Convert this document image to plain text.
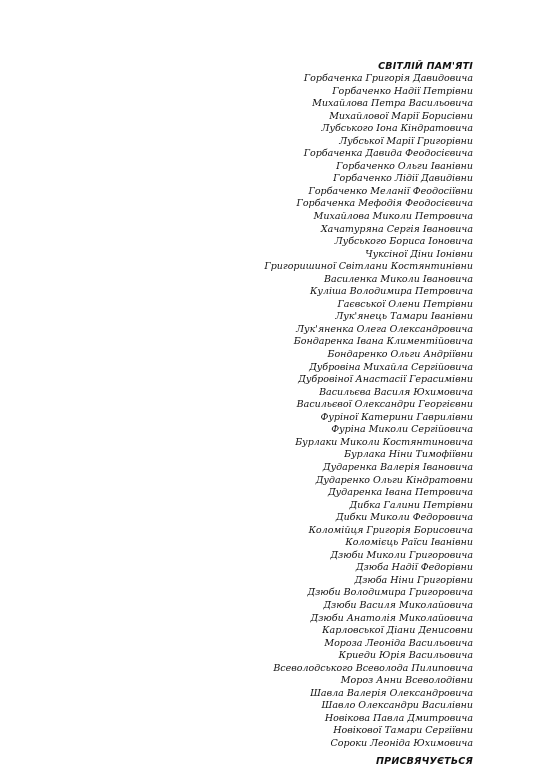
СВІТЛІЙ ПАМ'ЯТІ

Горбаченка Григорія Давидовича
Горбаченко Надії Петрівни
Михайлова Петра Васильовича
Михайлової Марії Борисівни
Лубського Іона Кіндратовича
Лубської Марії Григорівни
Горбаченка Давида Феодосієвича
Горбаченко Ольги Іванівни
Горбаченко Лідії Давидівни
Горбаченко Меланії Феодосіївни
Горбаченка Мефодія Феодосієвича
Михайлова Миколи Петровича
Хачатуряна Сергія Івановича
Лубського Бориса Іоновича
Чуксіної Діни Іонівни
Григоришиної Світлани Костянтинівни
Василенка Миколи Івановича
Куліша Володимира Петровича
Гаєвської Олени Петрівни
Лук'янець Тамари Іванівни
Лук'яненка Олега Олександровича
Бондаренка Івана Климентійовича
Бондаренко Ольги Андріївни
Дубровіна Михайла Сергійовича
Дубровіної Анастасії Герасимівни
Васильєва Василя Юхимовича
Васильєвої Олександри Георгієвни
Фуріної Катерини Гаврилівни
Фуріна Миколи Сергійовича
Бурлаки Миколи Костянтиновича
Бурлака Ніни Тимофіївни
Дударенка Валерія Івановича
Дударенко Ольги Кіндратовни
Дударенка Івана Петровича
Дибка Галини Петрівни
Дибки Миколи Федоровича
Коломійця Григорія Борисовича
Коломієць Раїси Іванівни
Дзюби Миколи Григоровича
Дзюба Надії Федорівни
Дзюба Ніни Григорівни
Дзюби Володимира Григоровича
Дзюби Василя Миколайовича
Дзюби Анатолія Миколайовича
Карловської Діани Денисовни
Мороза Леоніда Васильовича
Криеди Юрія Васильовича
Всеволодського Всеволода Пилиповича
Мороз Анни Всеволодівни
Шавла Валерія Олександровича
Шавло Олександри Василівни
Новікова Павла Дмитровича
Новікової Тамари Сергіївни
Сороки Леоніда Юхимовича

ПРИСВЯЧУЄТЬСЯ
